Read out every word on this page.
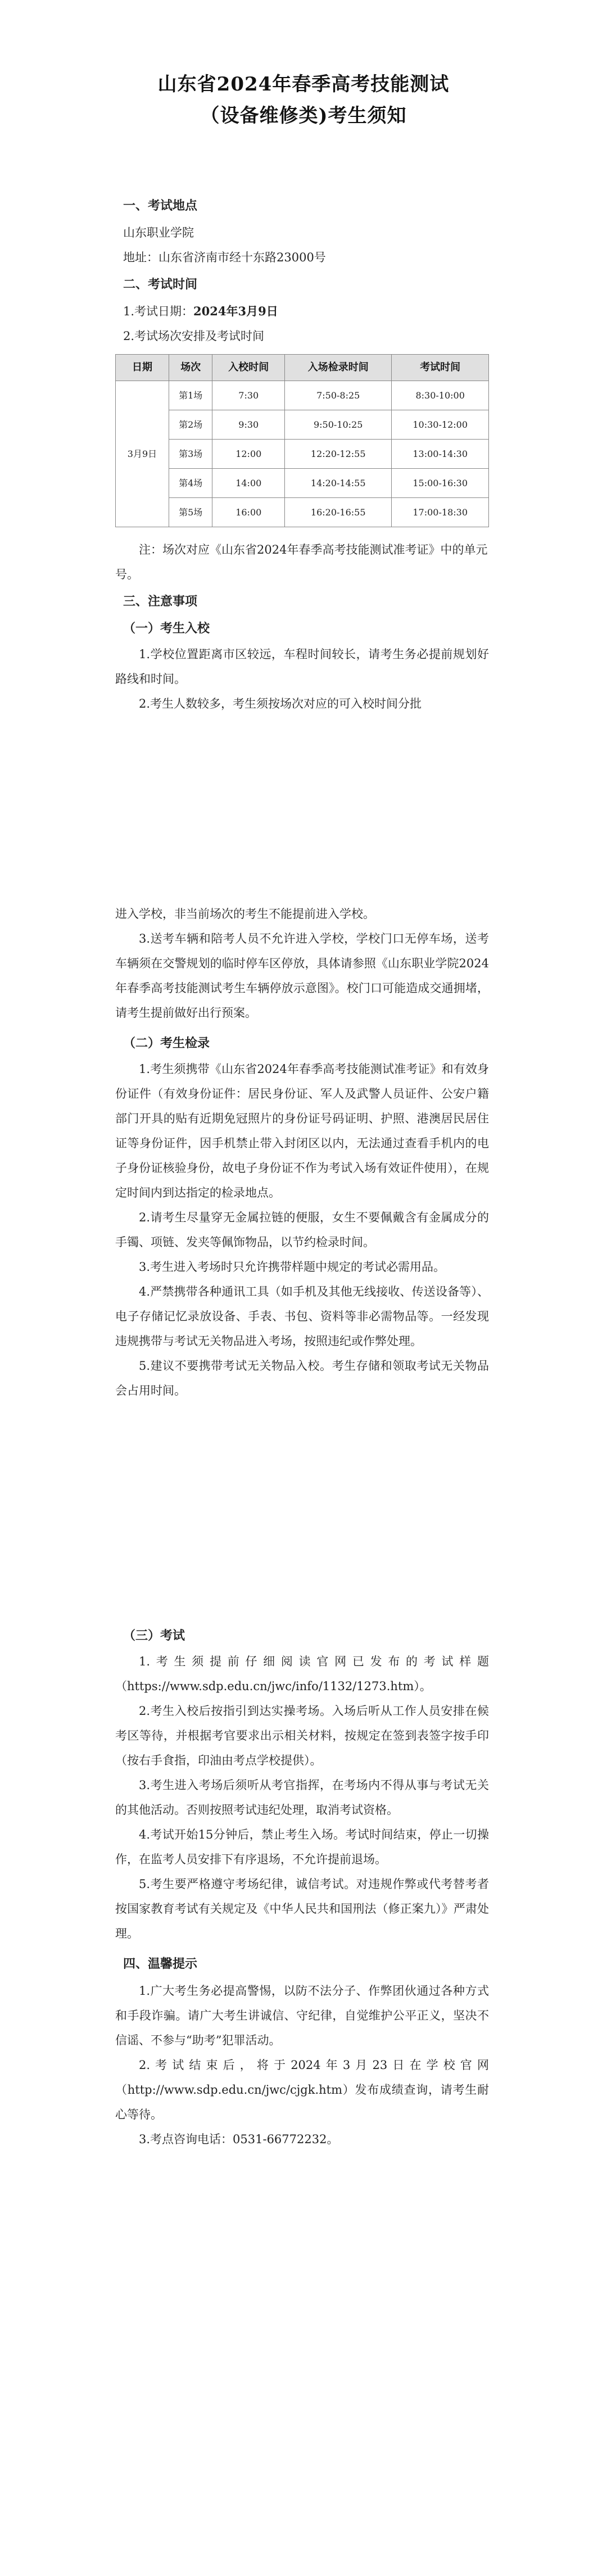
山东省2024年春季高考技能测试
（设备维修类)考生须知

一、考试地点

山东职业学院

地址：山东省济南市经十东路23000号

二、考试时间

1.考试日期：2024年3月9日

2.考试场次安排及考试时间

日期	场次	入校时间	入场检录时间	考试时间
3月9日	第1场	7:30	7:50-8:25	8:30-10:00
	第2场	9:30	9:50-10:25	10:30-12:00
	第3场	12:00	12:20-12:55	13:00-14:30
	第4场	14:00	14:20-14:55	15:00-16:30
	第5场	16:00	16:20-16:55	17:00-18:30

注：场次对应《山东省2024年春季高考技能测试准考证》中的单元号。

三、注意事项

（一）考生入校

1.学校位置距离市区较远，车程时间较长，请考生务必提前规划好路线和时间。

2.考生人数较多，考生须按场次对应的可入校时间分批

进入学校，非当前场次的考生不能提前进入学校。

3.送考车辆和陪考人员不允许进入学校，学校门口无停车场，送考车辆须在交警规划的临时停车区停放，具体请参照《山东职业学院2024年春季高考技能测试考生车辆停放示意图》。校门口可能造成交通拥堵，请考生提前做好出行预案。

（二）考生检录

1.考生须携带《山东省2024年春季高考技能测试准考证》和有效身份证件（有效身份证件：居民身份证、军人及武警人员证件、公安户籍部门开具的贴有近期免冠照片的身份证号码证明、护照、港澳居民居住证等身份证件，因手机禁止带入封闭区以内，无法通过查看手机内的电子身份证核验身份，故电子身份证不作为考试入场有效证件使用），在规定时间内到达指定的检录地点。

2.请考生尽量穿无金属拉链的便服，女生不要佩戴含有金属成分的手镯、项链、发夹等佩饰物品，以节约检录时间。

3.考生进入考场时只允许携带样题中规定的考试必需用品。

4.严禁携带各种通讯工具（如手机及其他无线接收、传送设备等）、电子存储记忆录放设备、手表、书包、资料等非必需物品等。一经发现违规携带与考试无关物品进入考场，按照违纪或作弊处理。

5.建议不要携带考试无关物品入校。考生存储和领取考试无关物品会占用时间。

（三）考试

1.考生须提前仔细阅读官网已发布的考试样题（https://www.sdp.edu.cn/jwc/info/1132/1273.htm）。

2.考生入校后按指引到达实操考场。入场后听从工作人员安排在候考区等待，并根据考官要求出示相关材料，按规定在签到表签字按手印（按右手食指，印油由考点学校提供）。

3.考生进入考场后须听从考官指挥，在考场内不得从事与考试无关的其他活动。否则按照考试违纪处理，取消考试资格。

4.考试开始15分钟后，禁止考生入场。考试时间结束，停止一切操作，在监考人员安排下有序退场，不允许提前退场。

5.考生要严格遵守考场纪律，诚信考试。对违规作弊或代考替考者按国家教育考试有关规定及《中华人民共和国刑法（修正案九）》严肃处理。

四、温馨提示

1.广大考生务必提高警惕，以防不法分子、作弊团伙通过各种方式和手段诈骗。请广大考生讲诚信、守纪律，自觉维护公平正义，坚决不信谣、不参与“助考”犯罪活动。

2.考试结束后，将于2024年3月23日在学校官网（http://www.sdp.edu.cn/jwc/cjgk.htm）发布成绩查询，请考生耐心等待。

3.考点咨询电话：0531-66772232。
